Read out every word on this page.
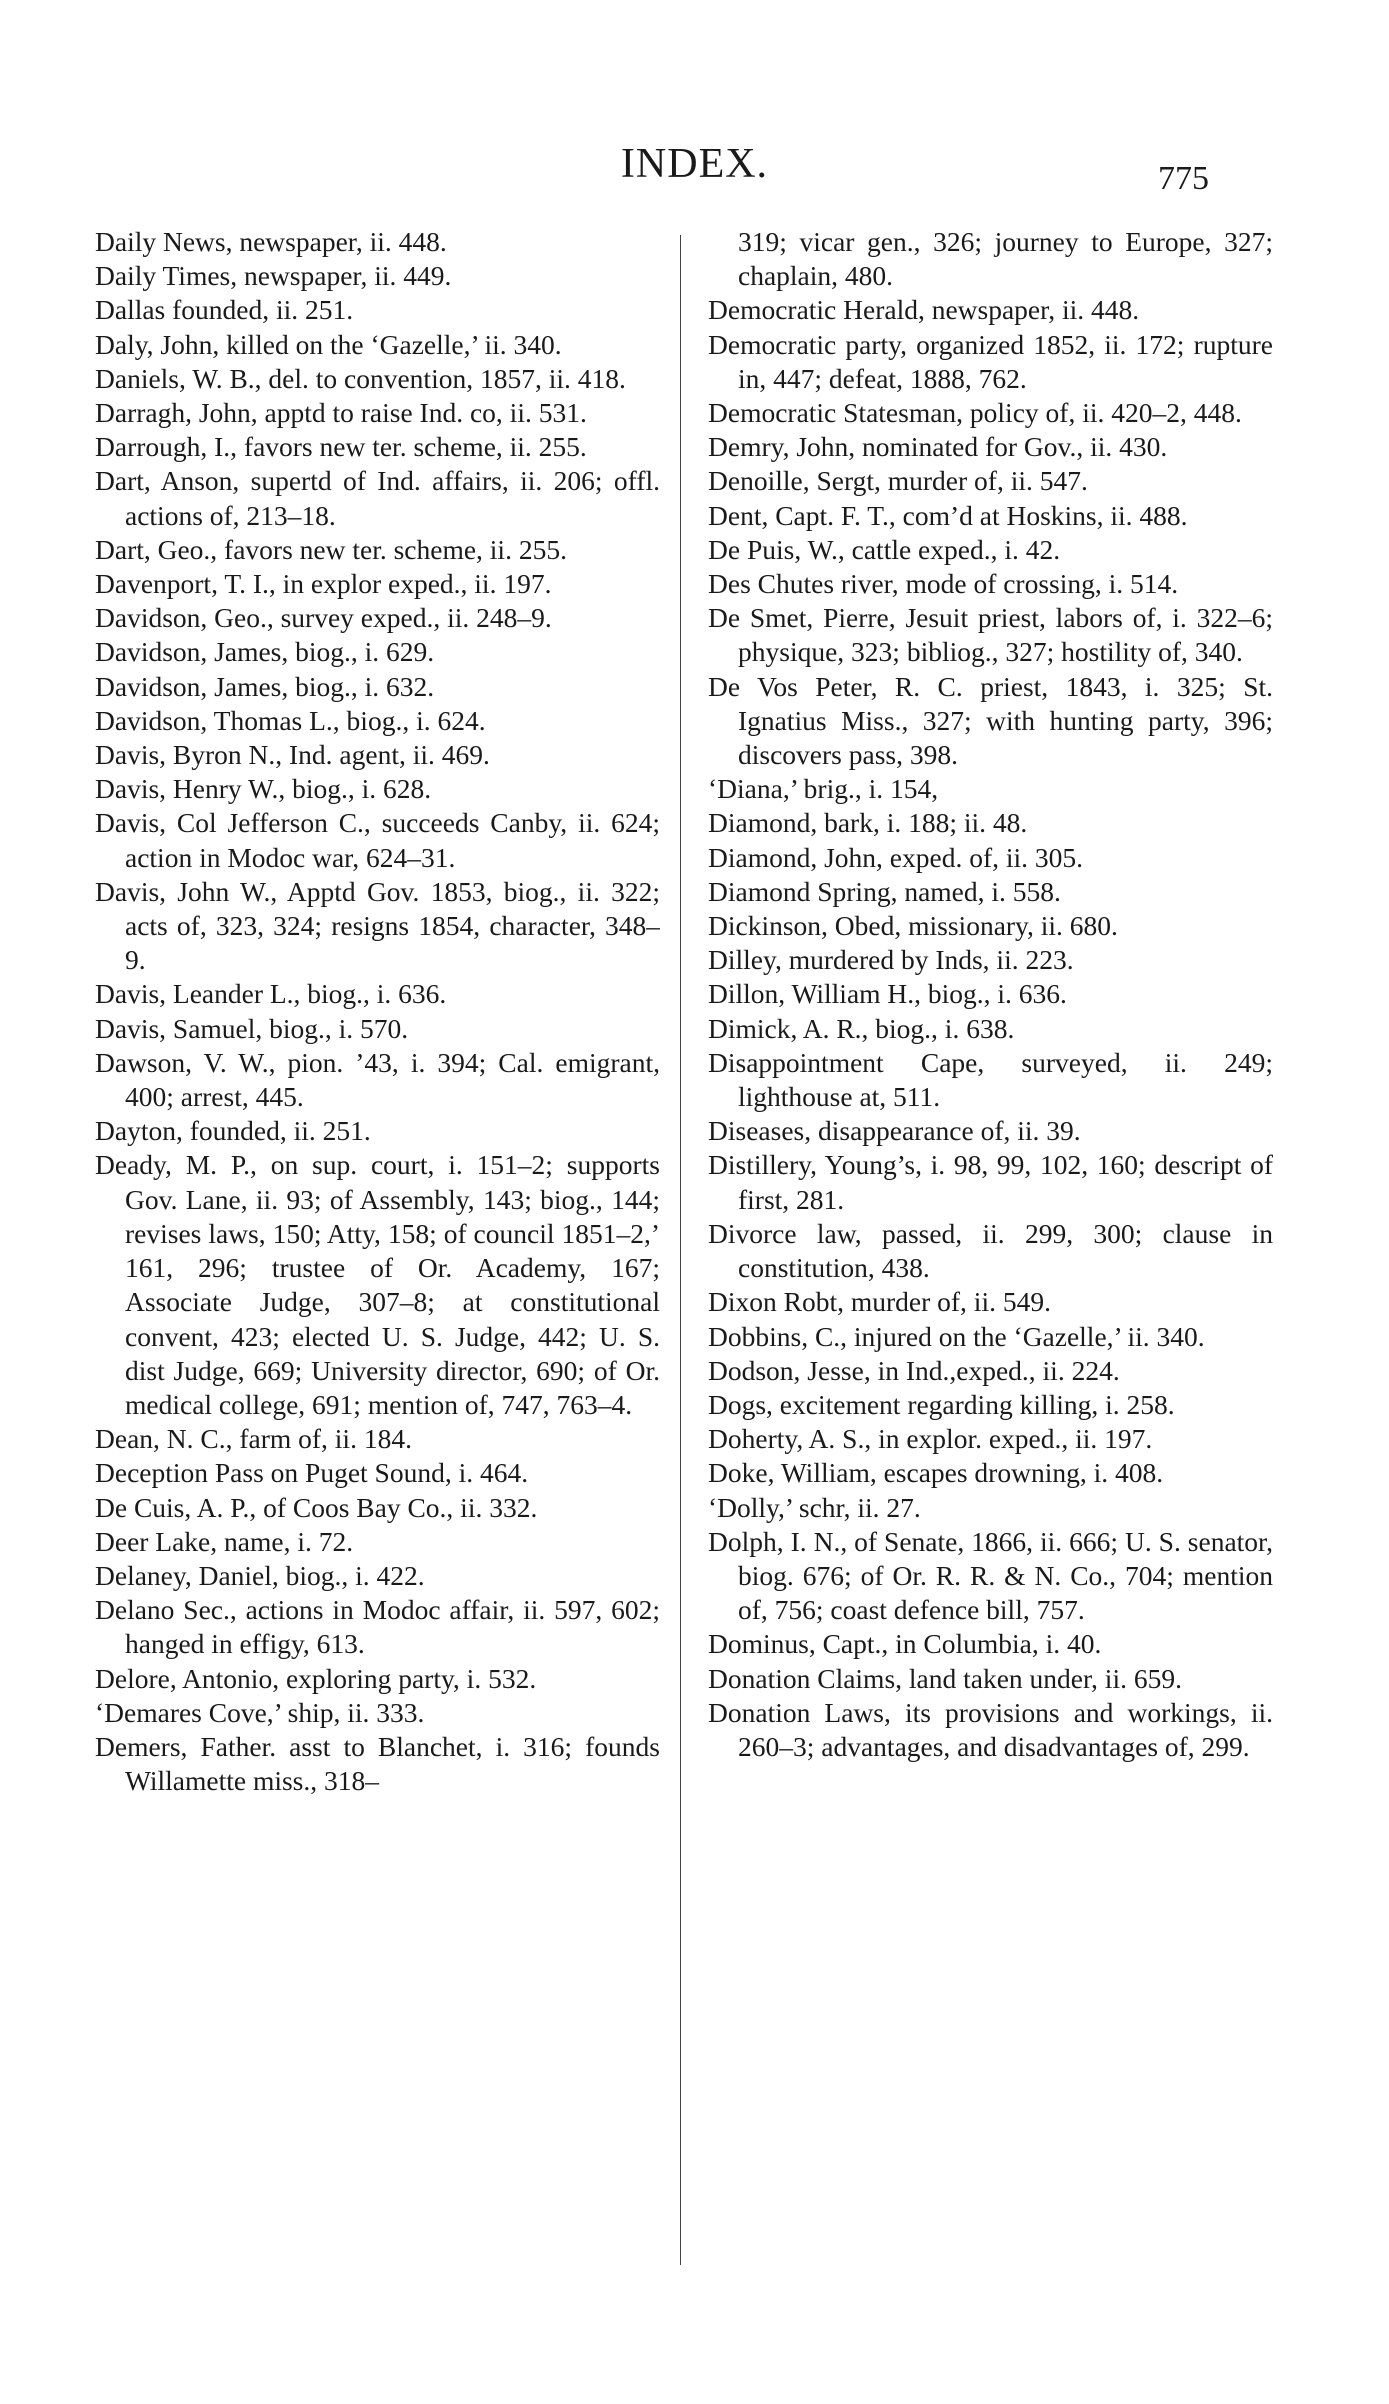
INDEX.	775

Daily News, newspaper, ii. 448.

Daily Times, newspaper, ii. 449.

Dallas founded, ii. 251.

Daly, John, killed on the ‘Gazelle,’ ii. 340.

Daniels, W. B., del. to convention, 1857, ii. 418.

Darragh, John, apptd to raise Ind. co, ii. 531.

Darrough, I., favors new ter. scheme, ii. 255.

Dart, Anson, supertd of Ind. affairs, ii. 206; offl. actions of, 213–18.

Dart, Geo., favors new ter. scheme, ii. 255.

Davenport, T. I., in explor exped., ii. 197.

Davidson, Geo., survey exped., ii. 248–9.

Davidson, James, biog., i. 629.

Davidson, James, biog., i. 632.

Davidson, Thomas L., biog., i. 624.

Davis, Byron N., Ind. agent, ii. 469.

Davis, Henry W., biog., i. 628.

Davis, Col Jefferson C., succeeds Canby, ii. 624; action in Modoc war, 624–31.

Davis, John W., Apptd Gov. 1853, biog., ii. 322; acts of, 323, 324; resigns 1854, character, 348–9.

Davis, Leander L., biog., i. 636.

Davis, Samuel, biog., i. 570.

Dawson, V. W., pion. ’43, i. 394; Cal. emigrant, 400; arrest, 445.

Dayton, founded, ii. 251.

Deady, M. P., on sup. court, i. 151–2; supports Gov. Lane, ii. 93; of Assembly, 143; biog., 144; revises laws, 150; Atty, 158; of council 1851–2,’ 161, 296; trustee of Or. Academy, 167; Associate Judge, 307–8; at constitutional convent, 423; elected U. S. Judge, 442; U. S. dist Judge, 669; University director, 690; of Or. medical college, 691; mention of, 747, 763–4.

Dean, N. C., farm of, ii. 184.

Deception Pass on Puget Sound, i. 464.

De Cuis, A. P., of Coos Bay Co., ii. 332.

Deer Lake, name, i. 72.

Delaney, Daniel, biog., i. 422.

Delano Sec., actions in Modoc affair, ii. 597, 602; hanged in effigy, 613.

Delore, Antonio, exploring party, i. 532.

‘Demares Cove,’ ship, ii. 333.

Demers, Father. asst to Blanchet, i. 316; founds Willamette miss., 318–

319; vicar gen., 326; journey to Europe, 327; chaplain, 480.

Democratic Herald, newspaper, ii. 448.

Democratic party, organized 1852, ii. 172; rupture in, 447; defeat, 1888, 762.

Democratic Statesman, policy of, ii. 420–2, 448.

Demry, John, nominated for Gov., ii. 430.

Denoille, Sergt, murder of, ii. 547.

Dent, Capt. F. T., com’d at Hoskins, ii. 488.

De Puis, W., cattle exped., i. 42.

Des Chutes river, mode of crossing, i. 514.

De Smet, Pierre, Jesuit priest, labors of, i. 322–6; physique, 323; bibliog., 327; hostility of, 340.

De Vos Peter, R. C. priest, 1843, i. 325; St. Ignatius Miss., 327; with hunting party, 396; discovers pass, 398.

‘Diana,’ brig., i. 154,

Diamond, bark, i. 188; ii. 48.

Diamond, John, exped. of, ii. 305.

Diamond Spring, named, i. 558.

Dickinson, Obed, missionary, ii. 680.

Dilley, murdered by Inds, ii. 223.

Dillon, William H., biog., i. 636.

Dimick, A. R., biog., i. 638.

Disappointment Cape, surveyed, ii. 249; lighthouse at, 511.

Diseases, disappearance of, ii. 39.

Distillery, Young’s, i. 98, 99, 102, 160; descript of first, 281.

Divorce law, passed, ii. 299, 300; clause in constitution, 438.

Dixon Robt, murder of, ii. 549.

Dobbins, C., injured on the ‘Gazelle,’ ii. 340.

Dodson, Jesse, in Ind.,exped., ii. 224.

Dogs, excitement regarding killing, i. 258.

Doherty, A. S., in explor. exped., ii. 197.

Doke, William, escapes drowning, i. 408.

‘Dolly,’ schr, ii. 27.

Dolph, I. N., of Senate, 1866, ii. 666; U. S. senator, biog. 676; of Or. R. R. & N. Co., 704; mention of, 756; coast defence bill, 757.

Dominus, Capt., in Columbia, i. 40.

Donation Claims, land taken under, ii. 659.

Donation Laws, its provisions and workings, ii. 260–3; advantages, and disadvantages of, 299.
